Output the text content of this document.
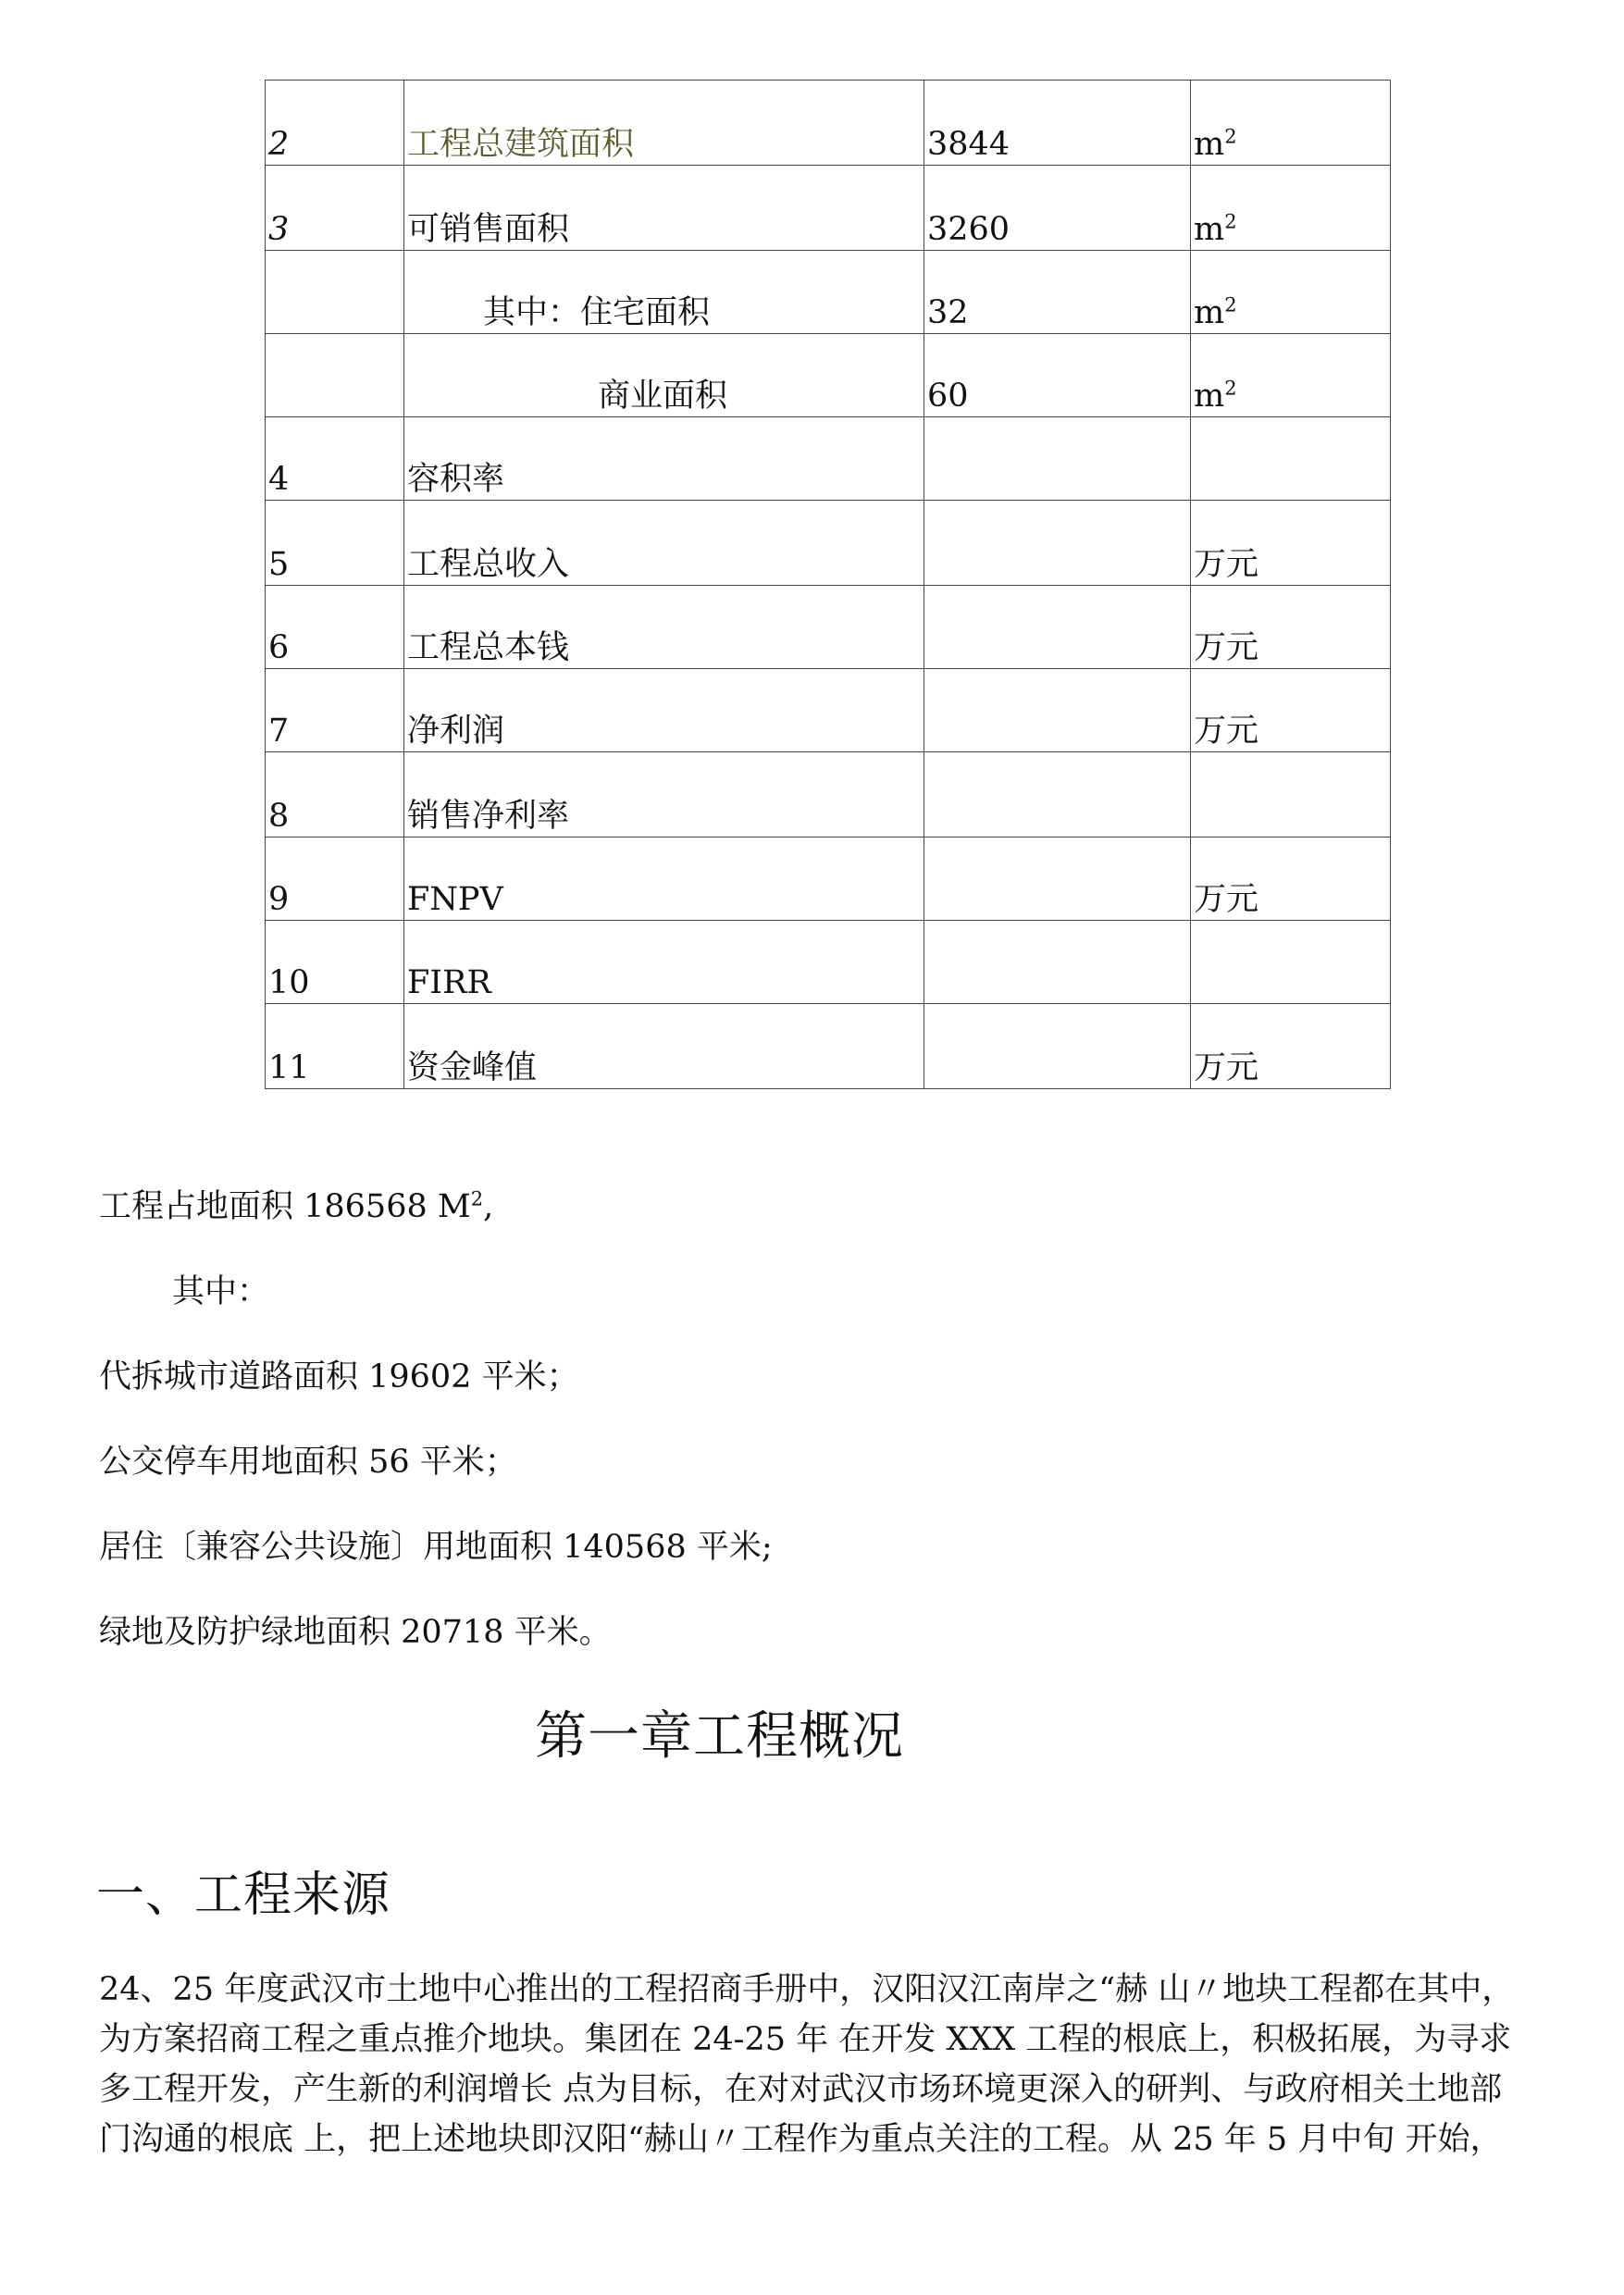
2	工程总建筑面积	3844	$m^2$
3	可销售面积	3260	$m^2$
	其中：住宅面积	32	$m^2$
	商业面积	60	$m^2$
4	容积率		
5	工程总收入		万元
6	工程总本钱		万元
7	净利润		万元
8	销售净利率		
9	FNPV		万元
10	FIRR		
11	资金峰值		万元
工程占地面积 186568 $M^2$,
其中：
代拆城市道路面积 19602 平米；
公交停车用地面积 56 平米；
居住〔兼容公共设施〕用地面积 140568 平米;
绿地及防护绿地面积 20718 平米。
第一章工程概况
一、工程来源
24、25 年度武汉市土地中心推出的工程招商手册中，汉阳汉江南岸之“赫 山〃地块工程都在其中，
为方案招商工程之重点推介地块。集团在 24-25 年 在开发 XXX 工程的根底上，积极拓展，为寻求
多工程开发，产生新的利润增长 点为目标，在对对武汉市场环境更深入的研判、与政府相关土地部
门沟通的根底 上，把上述地块即汉阳“赫山〃工程作为重点关注的工程。从 25 年 5 月中旬 开始，
